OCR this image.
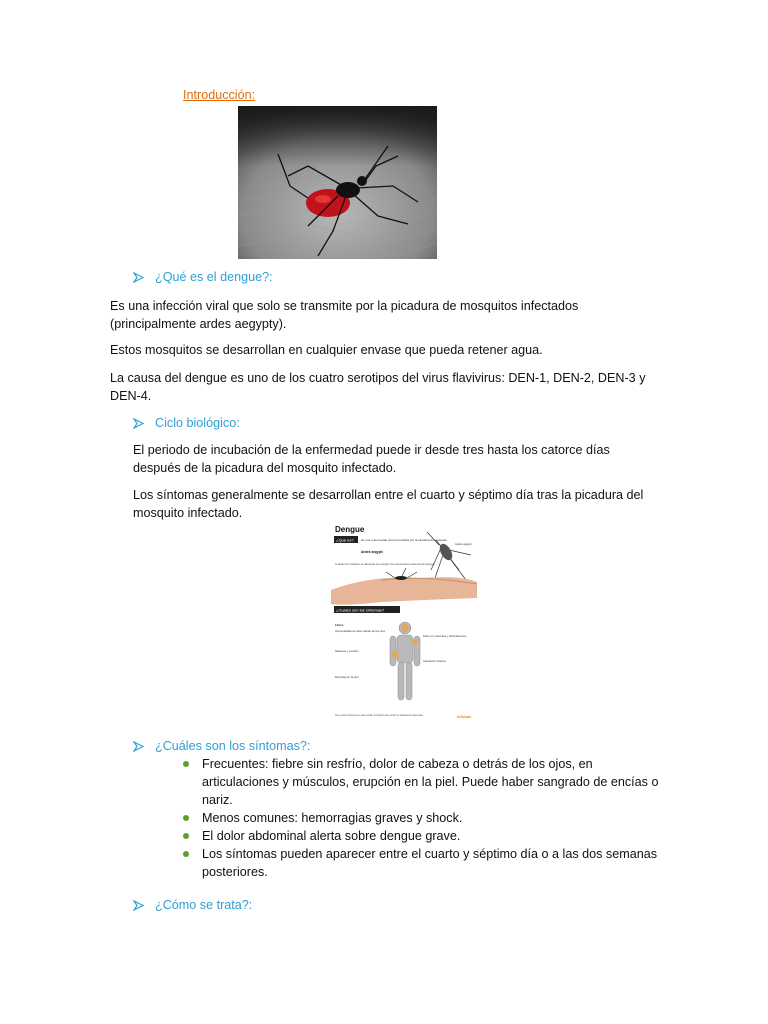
Introducción:

¿Qué es el dengue?:

Es una infección viral que solo se transmite por la picadura de mosquitos infectados (principalmente ardes aegypty).

Estos mosquitos se desarrollan en cualquier envase que pueda retener agua.

La causa del dengue es uno de los cuatro serotipos del virus flavivirus: DEN-1, DEN-2, DEN-3 y DEN-4.

Ciclo biológico:

El periodo de incubación de la enfermedad puede ir desde tres hasta los catorce días después de la picadura del mosquito infectado.

Los síntomas generalmente se desarrollan entre el cuarto y séptimo día tras la picadura del mosquito infectado.

Dengue
¿Qué es? Es una enfermedad viral transmitida por la picadura de mosquito
Aedes aegypti
Aedes aegypti
Cuando el mosquito se alimenta con sangre de una persona enferma de dengue
¿Cuáles son los síntomas?
Fiebre
Acompañada de dolor detrás de los ojos
Náuseas y vómitos
Manchas en la piel
Dolor en músculos y articulaciones
Cansancio intenso
Ante estos síntomas se debe acudir al médico para recibir el tratamiento adecuado	infobae
¿Cuáles son los síntomas?:
Frecuentes: fiebre sin resfrío, dolor de cabeza o detrás de los ojos, en articulaciones y músculos, erupción en la piel. Puede haber sangrado de encías o nariz.
Menos comunes: hemorragias graves y shock.
El dolor abdominal alerta sobre dengue grave.
Los síntomas pueden aparecer entre el cuarto y séptimo día o a las dos semanas posteriores.
¿Cómo se trata?:
